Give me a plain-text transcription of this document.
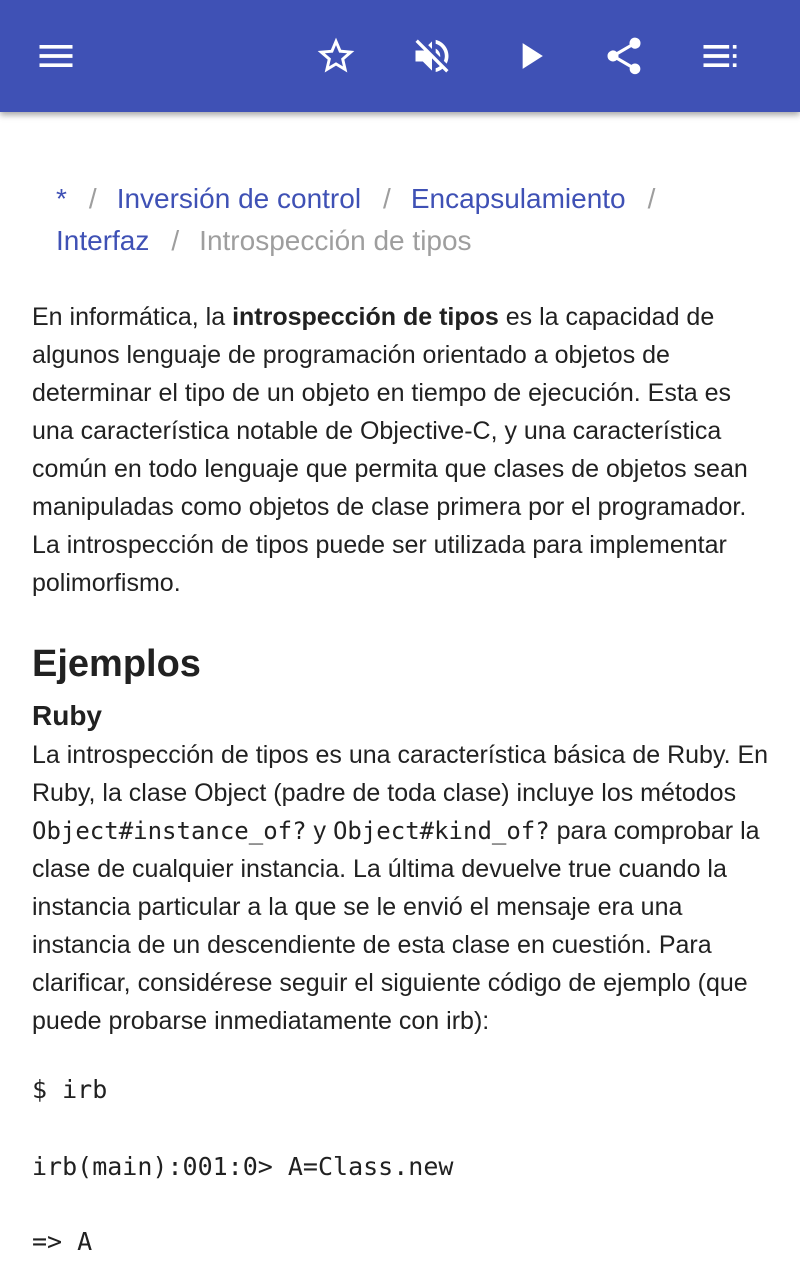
* / Inversión de control / Encapsulamiento /
Interfaz / Introspección de tipos

En informática, la introspección de tipos es la capacidad de algunos lenguaje de programación orientado a objetos de determinar el tipo de un objeto en tiempo de ejecución. Esta es una característica notable de Objective-C, y una característica común en todo lenguaje que permita que clases de objetos sean manipuladas como objetos de clase primera por el programador. La introspección de tipos puede ser utilizada para implementar polimorfismo.

Ejemplos
Ruby

La introspección de tipos es una característica básica de Ruby. En Ruby, la clase Object (padre de toda clase) incluye los métodos Object#instance_of? y Object#kind_of? para comprobar la clase de cualquier instancia. La última devuelve true cuando la instancia particular a la que se le envió el mensaje era una instancia de un descendiente de esta clase en cuestión. Para clarificar, considérese seguir el siguiente código de ejemplo (que puede probarse inmediatamente con irb):

$ irb
irb(main):001:0> A=Class.new
=> A
